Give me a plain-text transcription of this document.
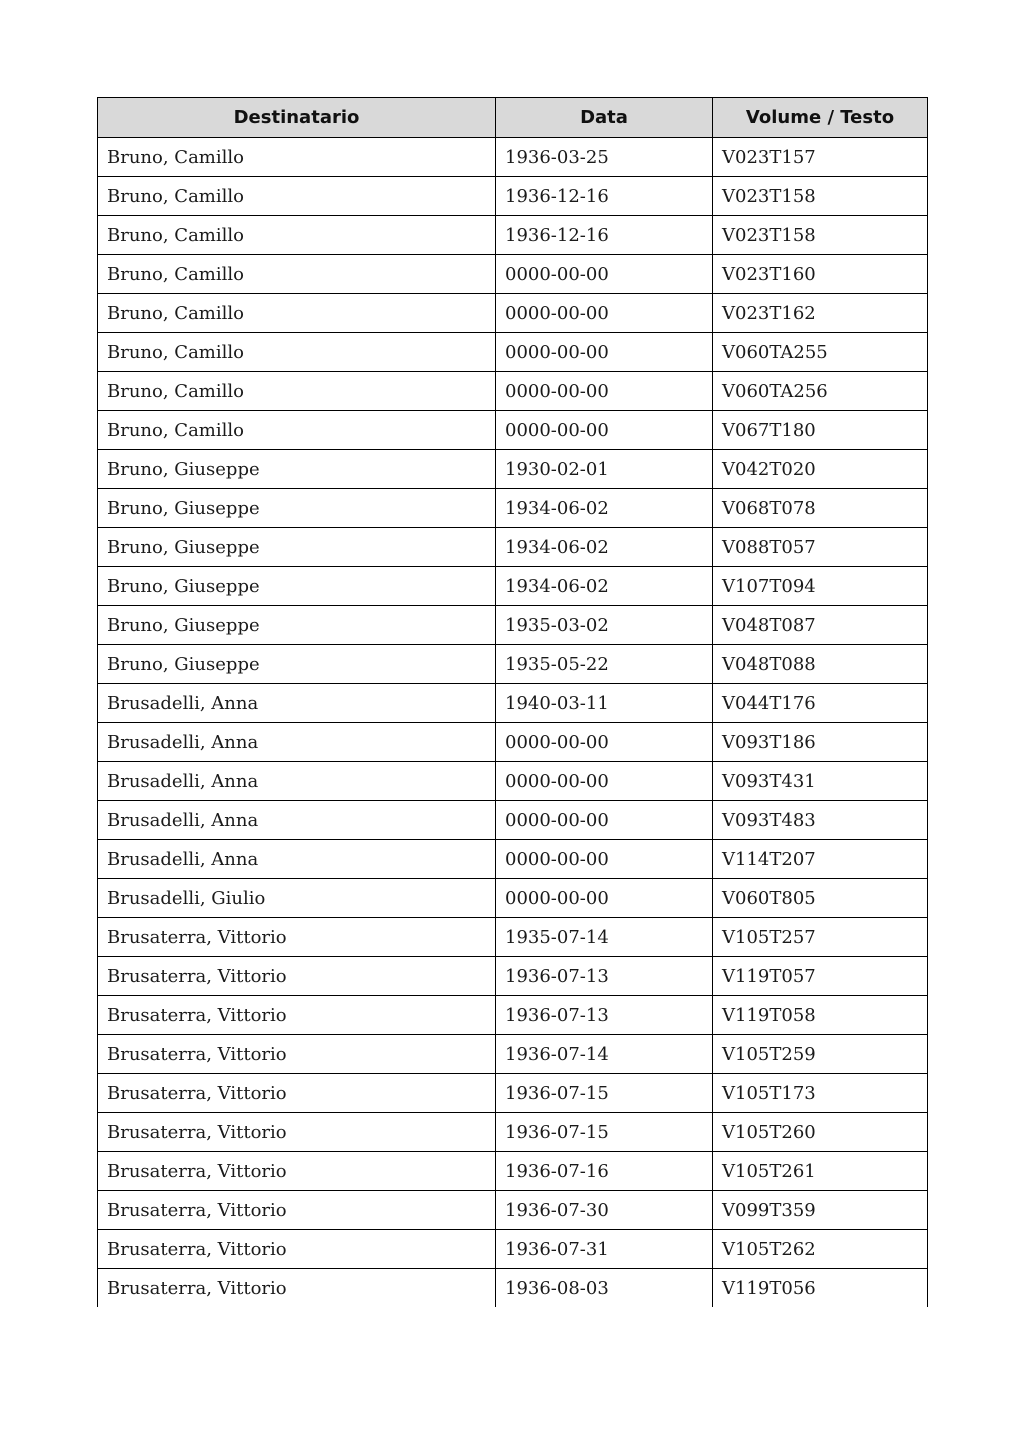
Destinatario	Data	Volume / Testo
Bruno, Camillo	1936-03-25	V023T157
Bruno, Camillo	1936-12-16	V023T158
Bruno, Camillo	1936-12-16	V023T158
Bruno, Camillo	0000-00-00	V023T160
Bruno, Camillo	0000-00-00	V023T162
Bruno, Camillo	0000-00-00	V060TA255
Bruno, Camillo	0000-00-00	V060TA256
Bruno, Camillo	0000-00-00	V067T180
Bruno, Giuseppe	1930-02-01	V042T020
Bruno, Giuseppe	1934-06-02	V068T078
Bruno, Giuseppe	1934-06-02	V088T057
Bruno, Giuseppe	1934-06-02	V107T094
Bruno, Giuseppe	1935-03-02	V048T087
Bruno, Giuseppe	1935-05-22	V048T088
Brusadelli, Anna	1940-03-11	V044T176
Brusadelli, Anna	0000-00-00	V093T186
Brusadelli, Anna	0000-00-00	V093T431
Brusadelli, Anna	0000-00-00	V093T483
Brusadelli, Anna	0000-00-00	V114T207
Brusadelli, Giulio	0000-00-00	V060T805
Brusaterra, Vittorio	1935-07-14	V105T257
Brusaterra, Vittorio	1936-07-13	V119T057
Brusaterra, Vittorio	1936-07-13	V119T058
Brusaterra, Vittorio	1936-07-14	V105T259
Brusaterra, Vittorio	1936-07-15	V105T173
Brusaterra, Vittorio	1936-07-15	V105T260
Brusaterra, Vittorio	1936-07-16	V105T261
Brusaterra, Vittorio	1936-07-30	V099T359
Brusaterra, Vittorio	1936-07-31	V105T262
Brusaterra, Vittorio	1936-08-03	V119T056
